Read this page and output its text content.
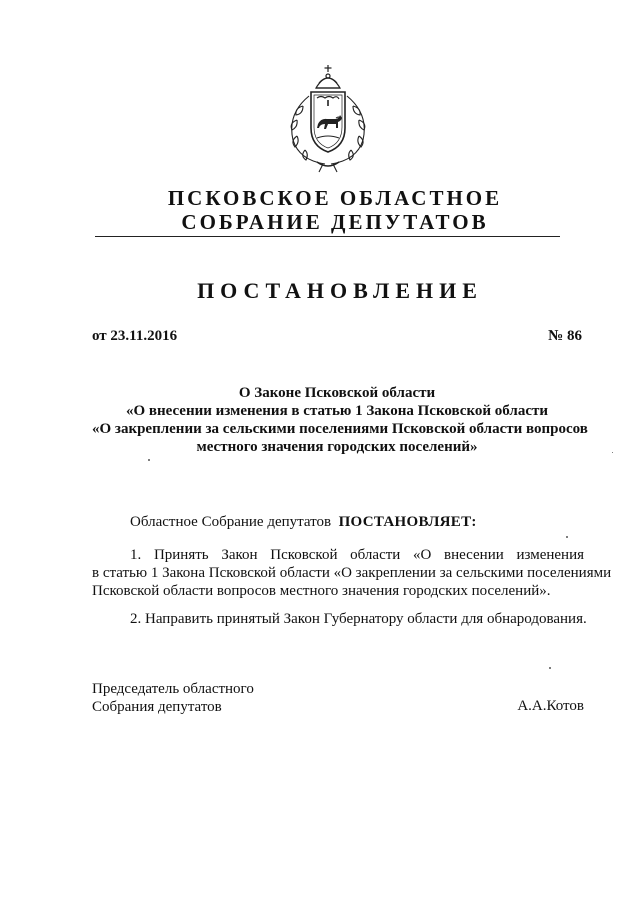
ПСКОВСКОЕ ОБЛАСТНОЕ
СОБРАНИЕ ДЕПУТАТОВ
ПОСТАНОВЛЕНИЕ
от 23.11.2016	№ 86
О Законе Псковской области
«О внесении изменения в статью 1 Закона Псковской области
«О закреплении за сельскими поселениями Псковской области вопросов
местного значения городских поселений»
Областное Собрание депутатов ПОСТАНОВЛЯЕТ:
1. Принять Закон Псковской области «О внесении изменения
в статью 1 Закона Псковской области «О закреплении за сельскими поселениями
Псковской области вопросов местного значения городских поселений».
2. Направить принятый Закон Губернатору области для обнародования.
Председатель областного
Собрания депутатов	А.А.Котов
